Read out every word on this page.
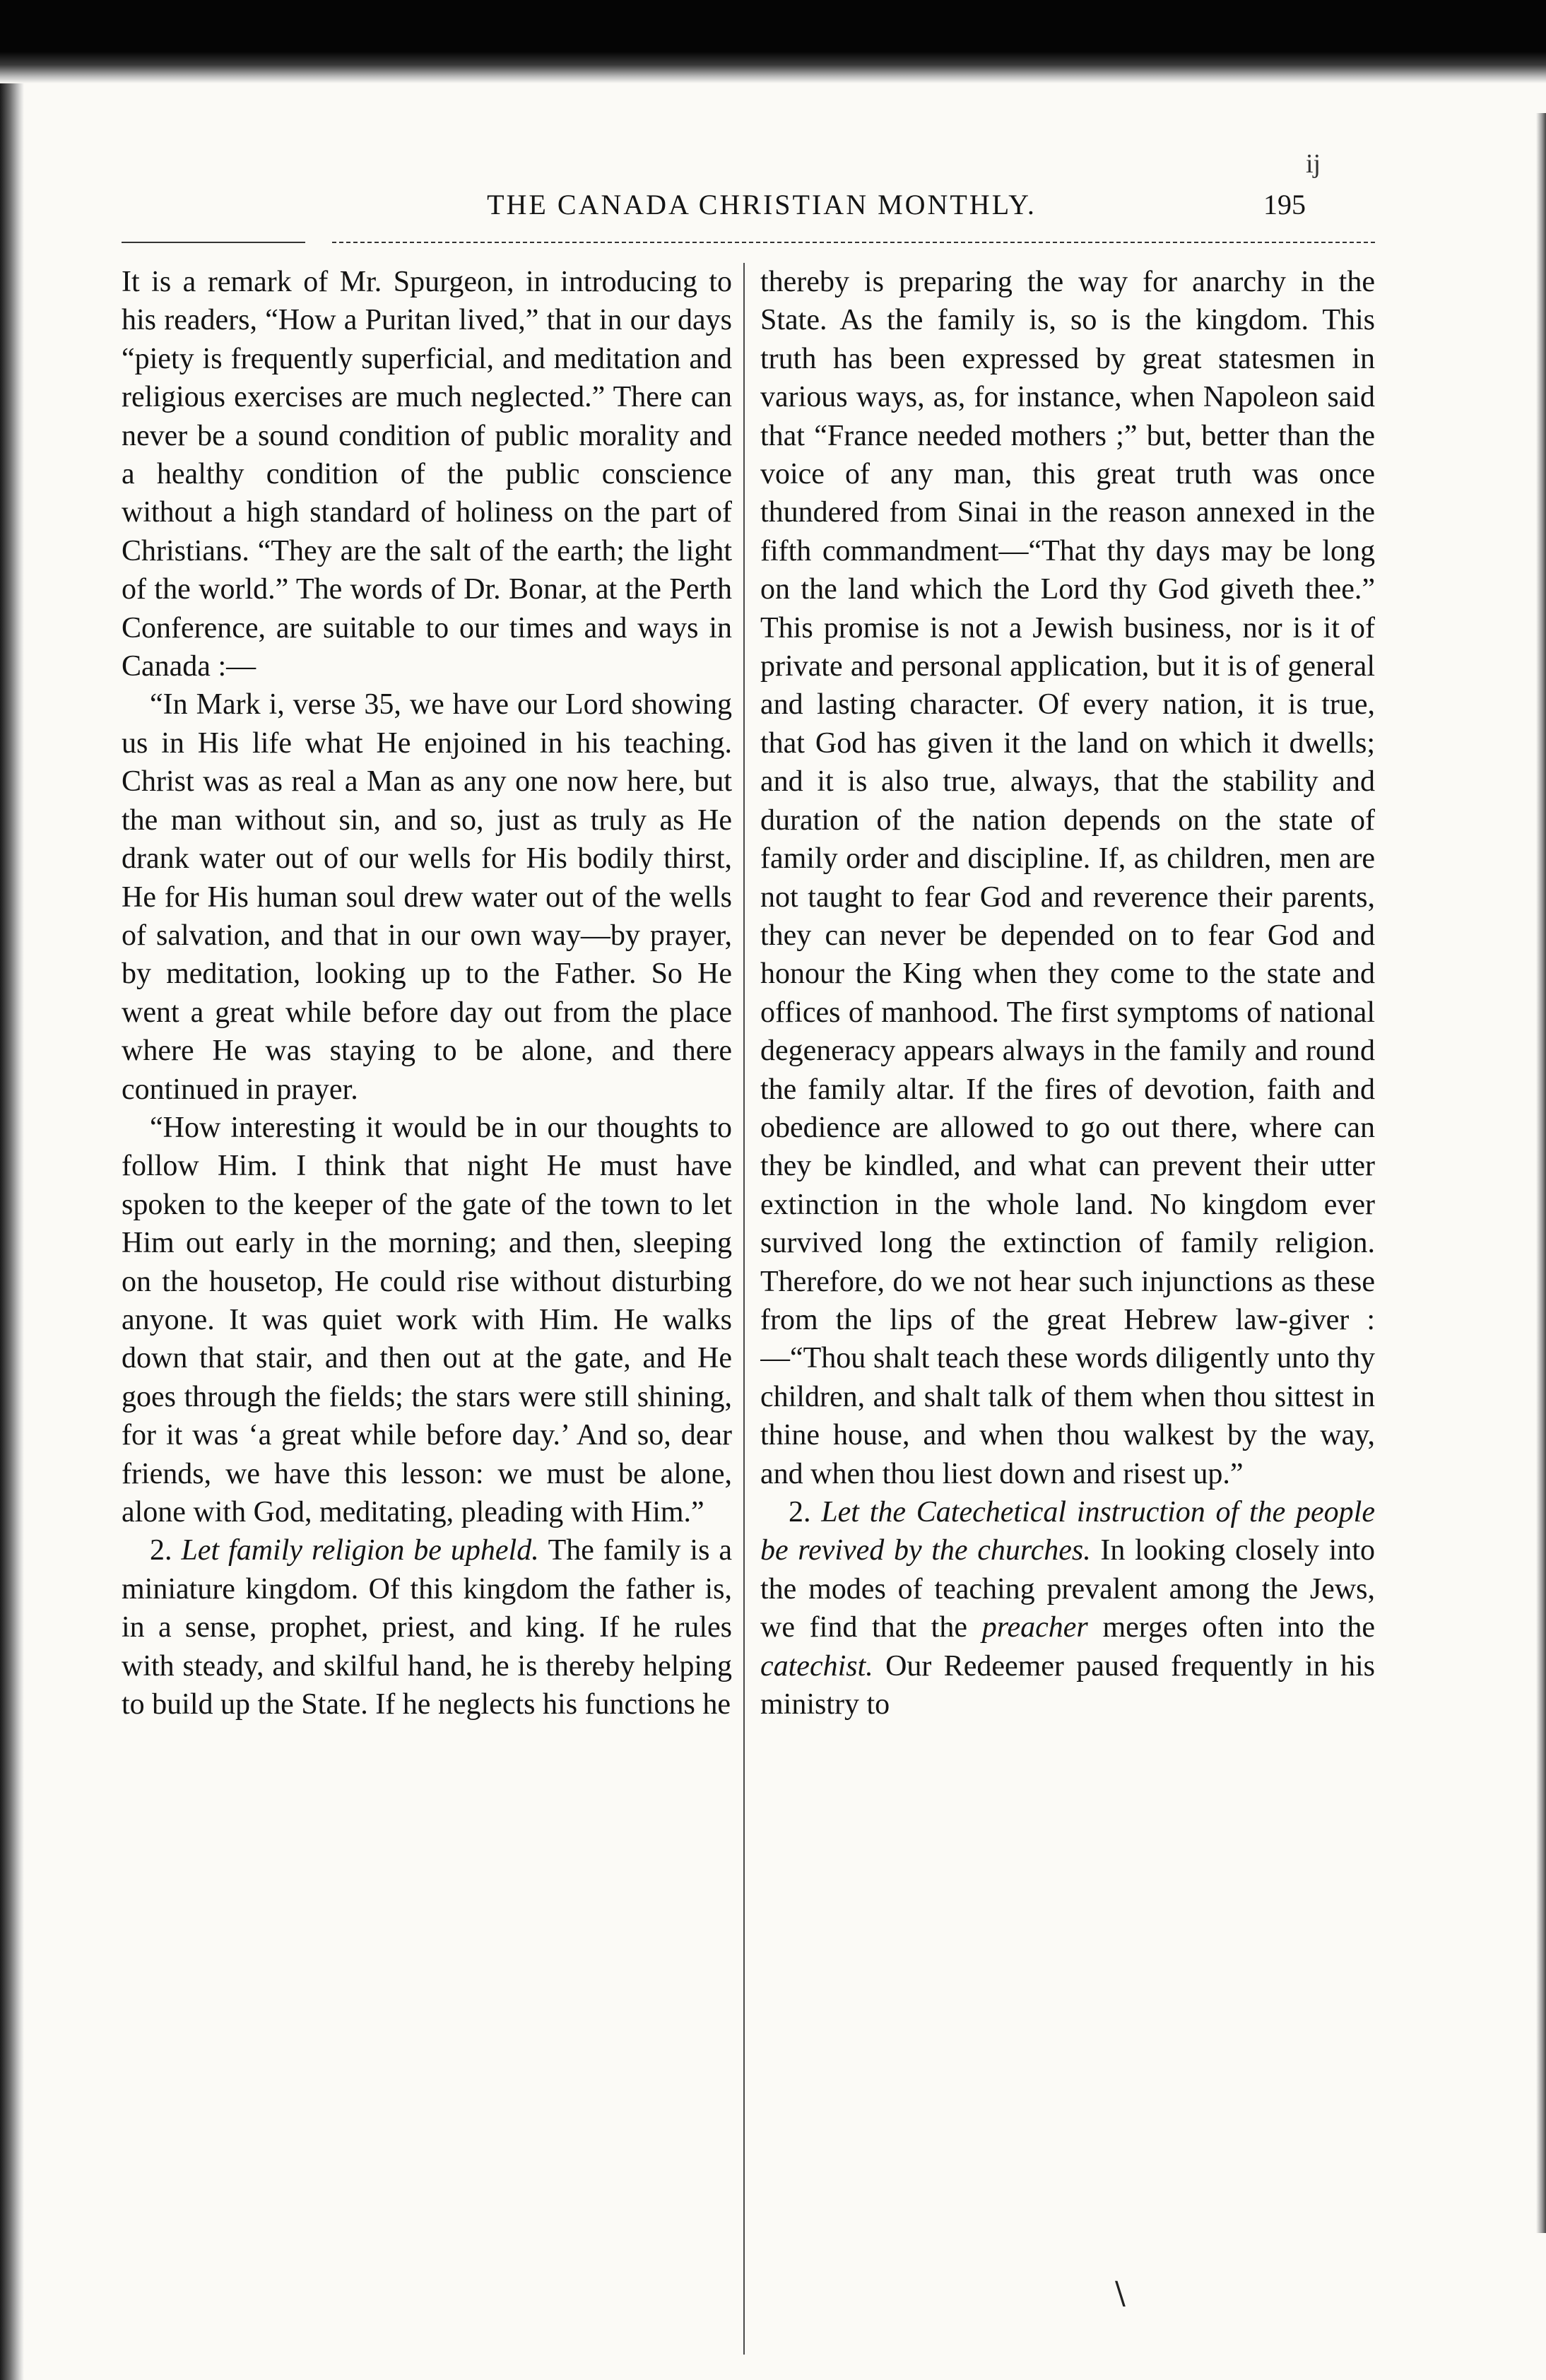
ij
THE CANADA CHRISTIAN MONTHLY.	195

It is a remark of Mr. Spurgeon, in introducing to his readers, “How a Puritan lived,” that in our days “piety is frequently superficial, and meditation and religious exercises are much neglected.” There can never be a sound condition of public morality and a healthy condition of the public conscience without a high standard of holiness on the part of Christians. “They are the salt of the earth; the light of the world.” The words of Dr. Bonar, at the Perth Conference, are suitable to our times and ways in Canada :—

“In Mark i, verse 35, we have our Lord showing us in His life what He enjoined in his teaching. Christ was as real a Man as any one now here, but the man without sin, and so, just as truly as He drank water out of our wells for His bodily thirst, He for His human soul drew water out of the wells of salvation, and that in our own way—by prayer, by meditation, looking up to the Father. So He went a great while before day out from the place where He was staying to be alone, and there continued in prayer.

“How interesting it would be in our thoughts to follow Him. I think that night He must have spoken to the keeper of the gate of the town to let Him out early in the morning; and then, sleeping on the housetop, He could rise without disturbing anyone. It was quiet work with Him. He walks down that stair, and then out at the gate, and He goes through the fields; the stars were still shining, for it was ‘a great while before day.’ And so, dear friends, we have this lesson: we must be alone, alone with God, meditating, pleading with Him.”

2. Let family religion be upheld. The family is a miniature kingdom. Of this kingdom the father is, in a sense, prophet, priest, and king. If he rules with steady, and skilful hand, he is thereby helping to build up the State. If he neglects his functions he

thereby is preparing the way for anarchy in the State. As the family is, so is the kingdom. This truth has been expressed by great statesmen in various ways, as, for instance, when Napoleon said that “France needed mothers ;” but, better than the voice of any man, this great truth was once thundered from Sinai in the reason annexed in the fifth commandment—“That thy days may be long on the land which the Lord thy God giveth thee.” This promise is not a Jewish business, nor is it of private and personal application, but it is of general and lasting character. Of every nation, it is true, that God has given it the land on which it dwells; and it is also true, always, that the stability and duration of the nation depends on the state of family order and discipline. If, as children, men are not taught to fear God and reverence their parents, they can never be depended on to fear God and honour the King when they come to the state and offices of manhood. The first symptoms of national degeneracy appears always in the family and round the family altar. If the fires of devotion, faith and obedience are allowed to go out there, where can they be kindled, and what can prevent their utter extinction in the whole land. No kingdom ever survived long the extinction of family religion. Therefore, do we not hear such injunctions as these from the lips of the great Hebrew law-giver :—“Thou shalt teach these words diligently unto thy children, and shalt talk of them when thou sittest in thine house, and when thou walkest by the way, and when thou liest down and risest up.”

2. Let the Catechetical instruction of the people be revived by the churches. In looking closely into the modes of teaching prevalent among the Jews, we find that the preacher merges often into the catechist. Our Redeemer paused frequently in his ministry to

\
